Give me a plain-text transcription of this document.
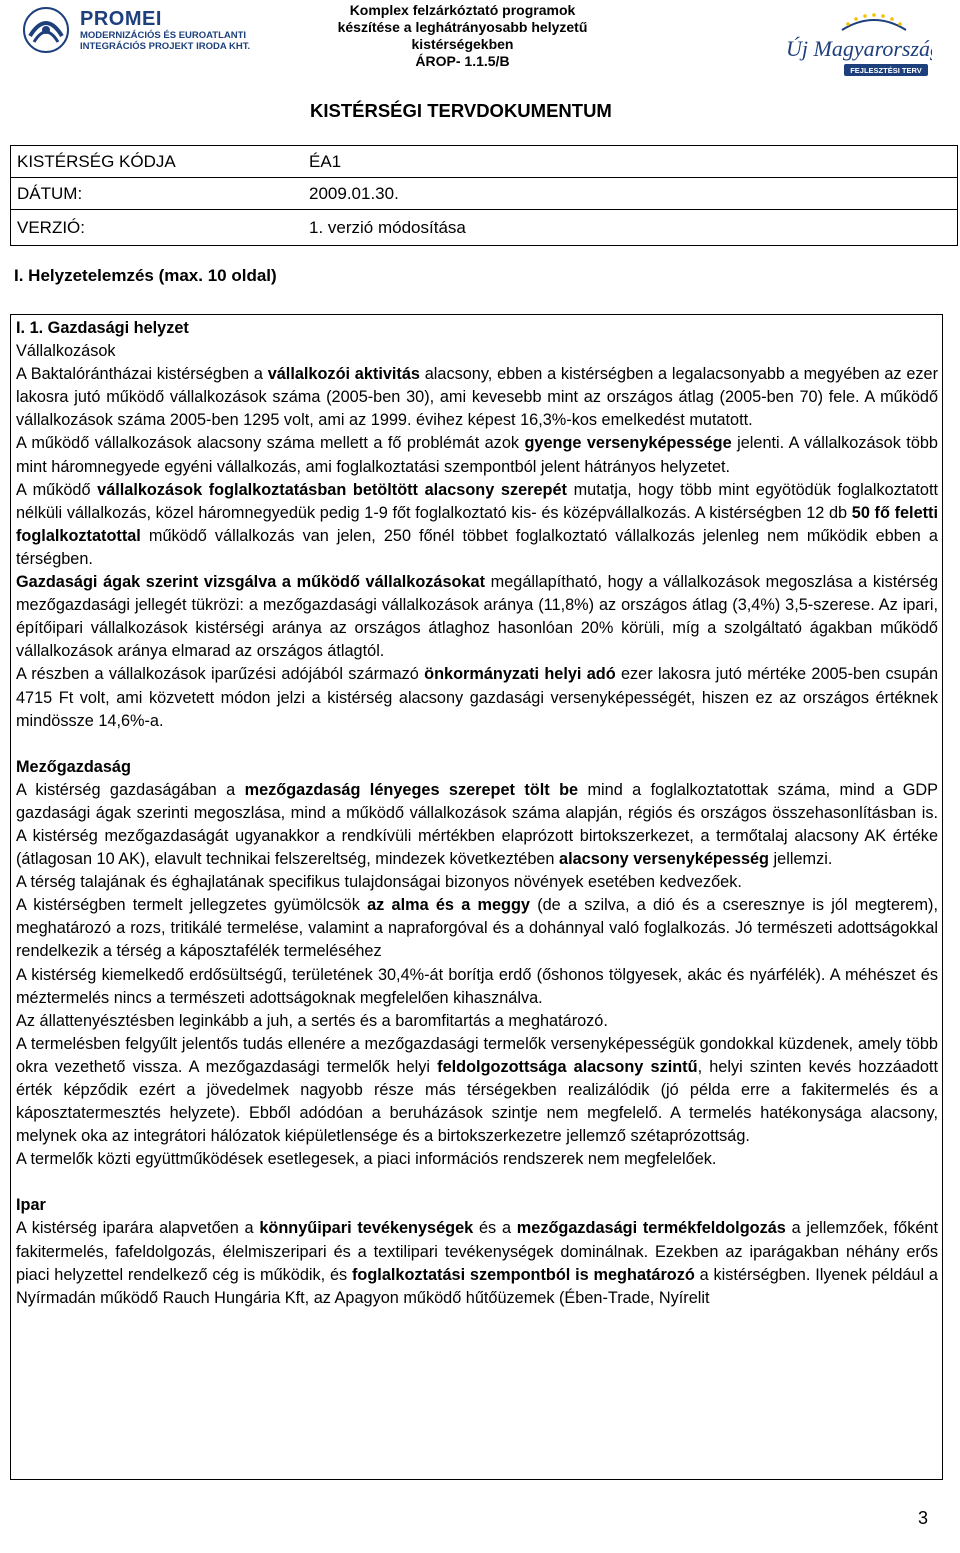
PROMEI
MODERNIZÁCIÓS ÉS EUROATLANTI
INTEGRÁCIÓS PROJEKT IRODA KHT.
Komplex felzárkóztató programok
készítése a leghátrányosabb helyzetű
kistérségekben
ÁROP- 1.1.5/B	Új Magyarország
FEJLESZTÉSI TERV
KISTÉRSÉGI TERVDOKUMENTUM
KISTÉRSÉG KÓDJA	ÉA1
DÁTUM:	2009.01.30.
VERZIÓ:	1. verzió módosítása
I. Helyzetelemzés (max. 10 oldal)

I. 1. Gazdasági helyzet

Vállalkozások

A Baktalórántházai kistérségben a vállalkozói aktivitás alacsony, ebben a kistérségben a legalacsonyabb a megyében az ezer lakosra jutó működő vállalkozások száma (2005-ben 30), ami kevesebb mint az országos átlag (2005-ben 70) fele. A működő vállalkozások száma 2005-ben 1295 volt, ami az 1999. évihez képest 16,3%-kos emelkedést mutatott.

A működő vállalkozások alacsony száma mellett a fő problémát azok gyenge versenyképessége jelenti. A vállalkozások több mint háromnegyede egyéni vállalkozás, ami foglalkoztatási szempontból jelent hátrányos helyzetet.

A működő vállalkozások foglalkoztatásban betöltött alacsony szerepét mutatja, hogy több mint egyötödük foglalkoztatott nélküli vállalkozás, közel háromnegyedük pedig 1-9 főt foglalkoztató kis- és középvállalkozás. A kistérségben 12 db 50 fő feletti foglalkoztatottal működő vállalkozás van jelen, 250 főnél többet foglalkoztató vállalkozás jelenleg nem működik ebben a térségben.

Gazdasági ágak szerint vizsgálva a működő vállalkozásokat megállapítható, hogy a vállalkozások megoszlása a kistérség mezőgazdasági jellegét tükrözi: a mezőgazdasági vállalkozások aránya (11,8%) az országos átlag (3,4%) 3,5-szerese. Az ipari, építőipari vállalkozások kistérségi aránya az országos átlaghoz hasonlóan 20% körüli, míg a szolgáltató ágakban működő vállalkozások aránya elmarad az országos átlagtól.

A részben a vállalkozások iparűzési adójából származó önkormányzati helyi adó ezer lakosra jutó mértéke 2005-ben csupán 4715 Ft volt, ami közvetett módon jelzi a kistérség alacsony gazdasági versenyképességét, hiszen ez az országos értéknek mindössze 14,6%-a.

Mezőgazdaság

A kistérség gazdaságában a mezőgazdaság lényeges szerepet tölt be mind a foglalkoztatottak száma, mind a GDP gazdasági ágak szerinti megoszlása, mind a működő vállalkozások száma alapján, régiós és országos összehasonlításban is. A kistérség mezőgazdaságát ugyanakkor a rendkívüli mértékben elaprózott birtokszerkezet, a termőtalaj alacsony AK értéke (átlagosan 10 AK), elavult technikai felszereltség, mindezek következtében alacsony versenyképesség jellemzi.

A térség talajának és éghajlatának specifikus tulajdonságai bizonyos növények esetében kedvezőek.

A kistérségben termelt jellegzetes gyümölcsök az alma és a meggy (de a szilva, a dió és a cseresznye is jól megterem), meghatározó a rozs, tritikálé termelése, valamint a napraforgóval és a dohánnyal való foglalkozás. Jó természeti adottságokkal rendelkezik a térség a káposztafélék termeléséhez

A kistérség kiemelkedő erdősültségű, területének 30,4%-át borítja erdő (őshonos tölgyesek, akác és nyárfélék). A méhészet és méztermelés nincs a természeti adottságoknak megfelelően kihasználva.

Az állattenyésztésben leginkább a juh, a sertés és a baromfitartás a meghatározó.

A termelésben felgyűlt jelentős tudás ellenére a mezőgazdasági termelők versenyképességük gondokkal küzdenek, amely több okra vezethető vissza. A mezőgazdasági termelők helyi feldolgozottsága alacsony szintű, helyi szinten kevés hozzáadott érték képződik ezért a jövedelmek nagyobb része más térségekben realizálódik (jó példa erre a fakitermelés és a káposztatermesztés helyzete). Ebből adódóan a beruházások szintje nem megfelelő. A termelés hatékonysága alacsony, melynek oka az integrátori hálózatok kiépületlensége és a birtokszerkezetre jellemző szétaprózottság.

A termelők közti együttműködések esetlegesek, a piaci információs rendszerek nem megfelelőek.

Ipar

A kistérség iparára alapvetően a könnyűipari tevékenységek és a mezőgazdasági termékfeldolgozás a jellemzőek, főként fakitermelés, fafeldolgozás, élelmiszeripari és a textilipari tevékenységek dominálnak. Ezekben az iparágakban néhány erős piaci helyzettel rendelkező cég is működik, és foglalkoztatási szempontból is meghatározó a kistérségben. Ilyenek például a Nyírmadán működő Rauch Hungária Kft, az Apagyon működő hűtőüzemek (Ében-Trade, Nyírelit

3
